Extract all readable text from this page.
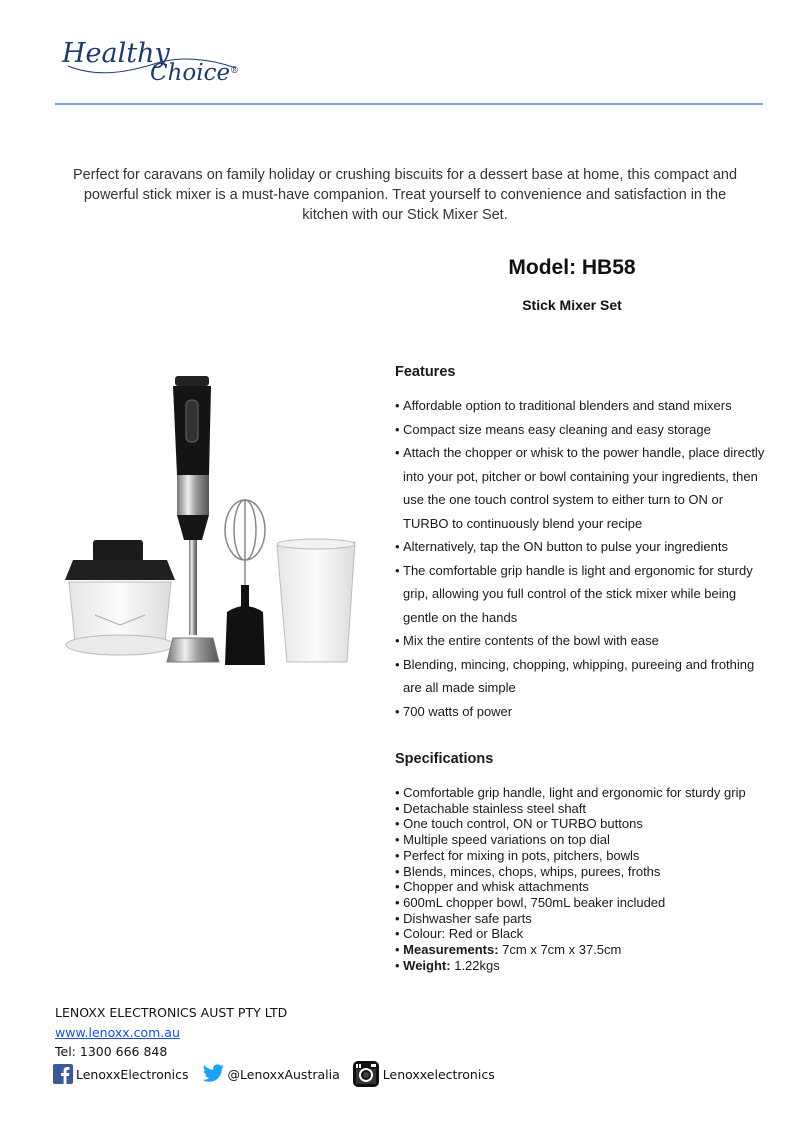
Healthy
Choice ®

Perfect for caravans on family holiday or crushing biscuits for a dessert base at home, this compact and powerful stick mixer is a must-have companion. Treat yourself to convenience and satisfaction in the kitchen with our Stick Mixer Set.

Model: HB58
Stick Mixer Set
Features
• Affordable option to traditional blenders and stand mixers
• Compact size means easy cleaning and easy storage
• Attach the chopper or whisk to the power handle, place directly into your pot, pitcher or bowl containing your ingredients, then use the one touch control system to either turn to ON or TURBO to continuously blend your recipe
• Alternatively, tap the ON button to pulse your ingredients
• The comfortable grip handle is light and ergonomic for sturdy grip, allowing you full control of the stick mixer while being gentle on the hands
• Mix the entire contents of the bowl with ease
• Blending, mincing, chopping, whipping, pureeing and frothing are all made simple
• 700 watts of power
Specifications
• Comfortable grip handle, light and ergonomic for sturdy grip
• Detachable stainless steel shaft
• One touch control, ON or TURBO buttons
• Multiple speed variations on top dial
• Perfect for mixing in pots, pitchers, bowls
• Blends, minces, chops, whips, purees, froths
• Chopper and whisk attachments
• 600mL chopper bowl, 750mL beaker included
• Dishwasher safe parts
• Colour: Red or Black
• Measurements: 7cm x 7cm x 37.5cm
• Weight: 1.22kgs
LENOXX ELECTRONICS AUST PTY LTD
www.lenoxx.com.au
Tel: 1300 666 848
LenoxxElectronics	@LenoxxAustralia	Lenoxxelectronics
